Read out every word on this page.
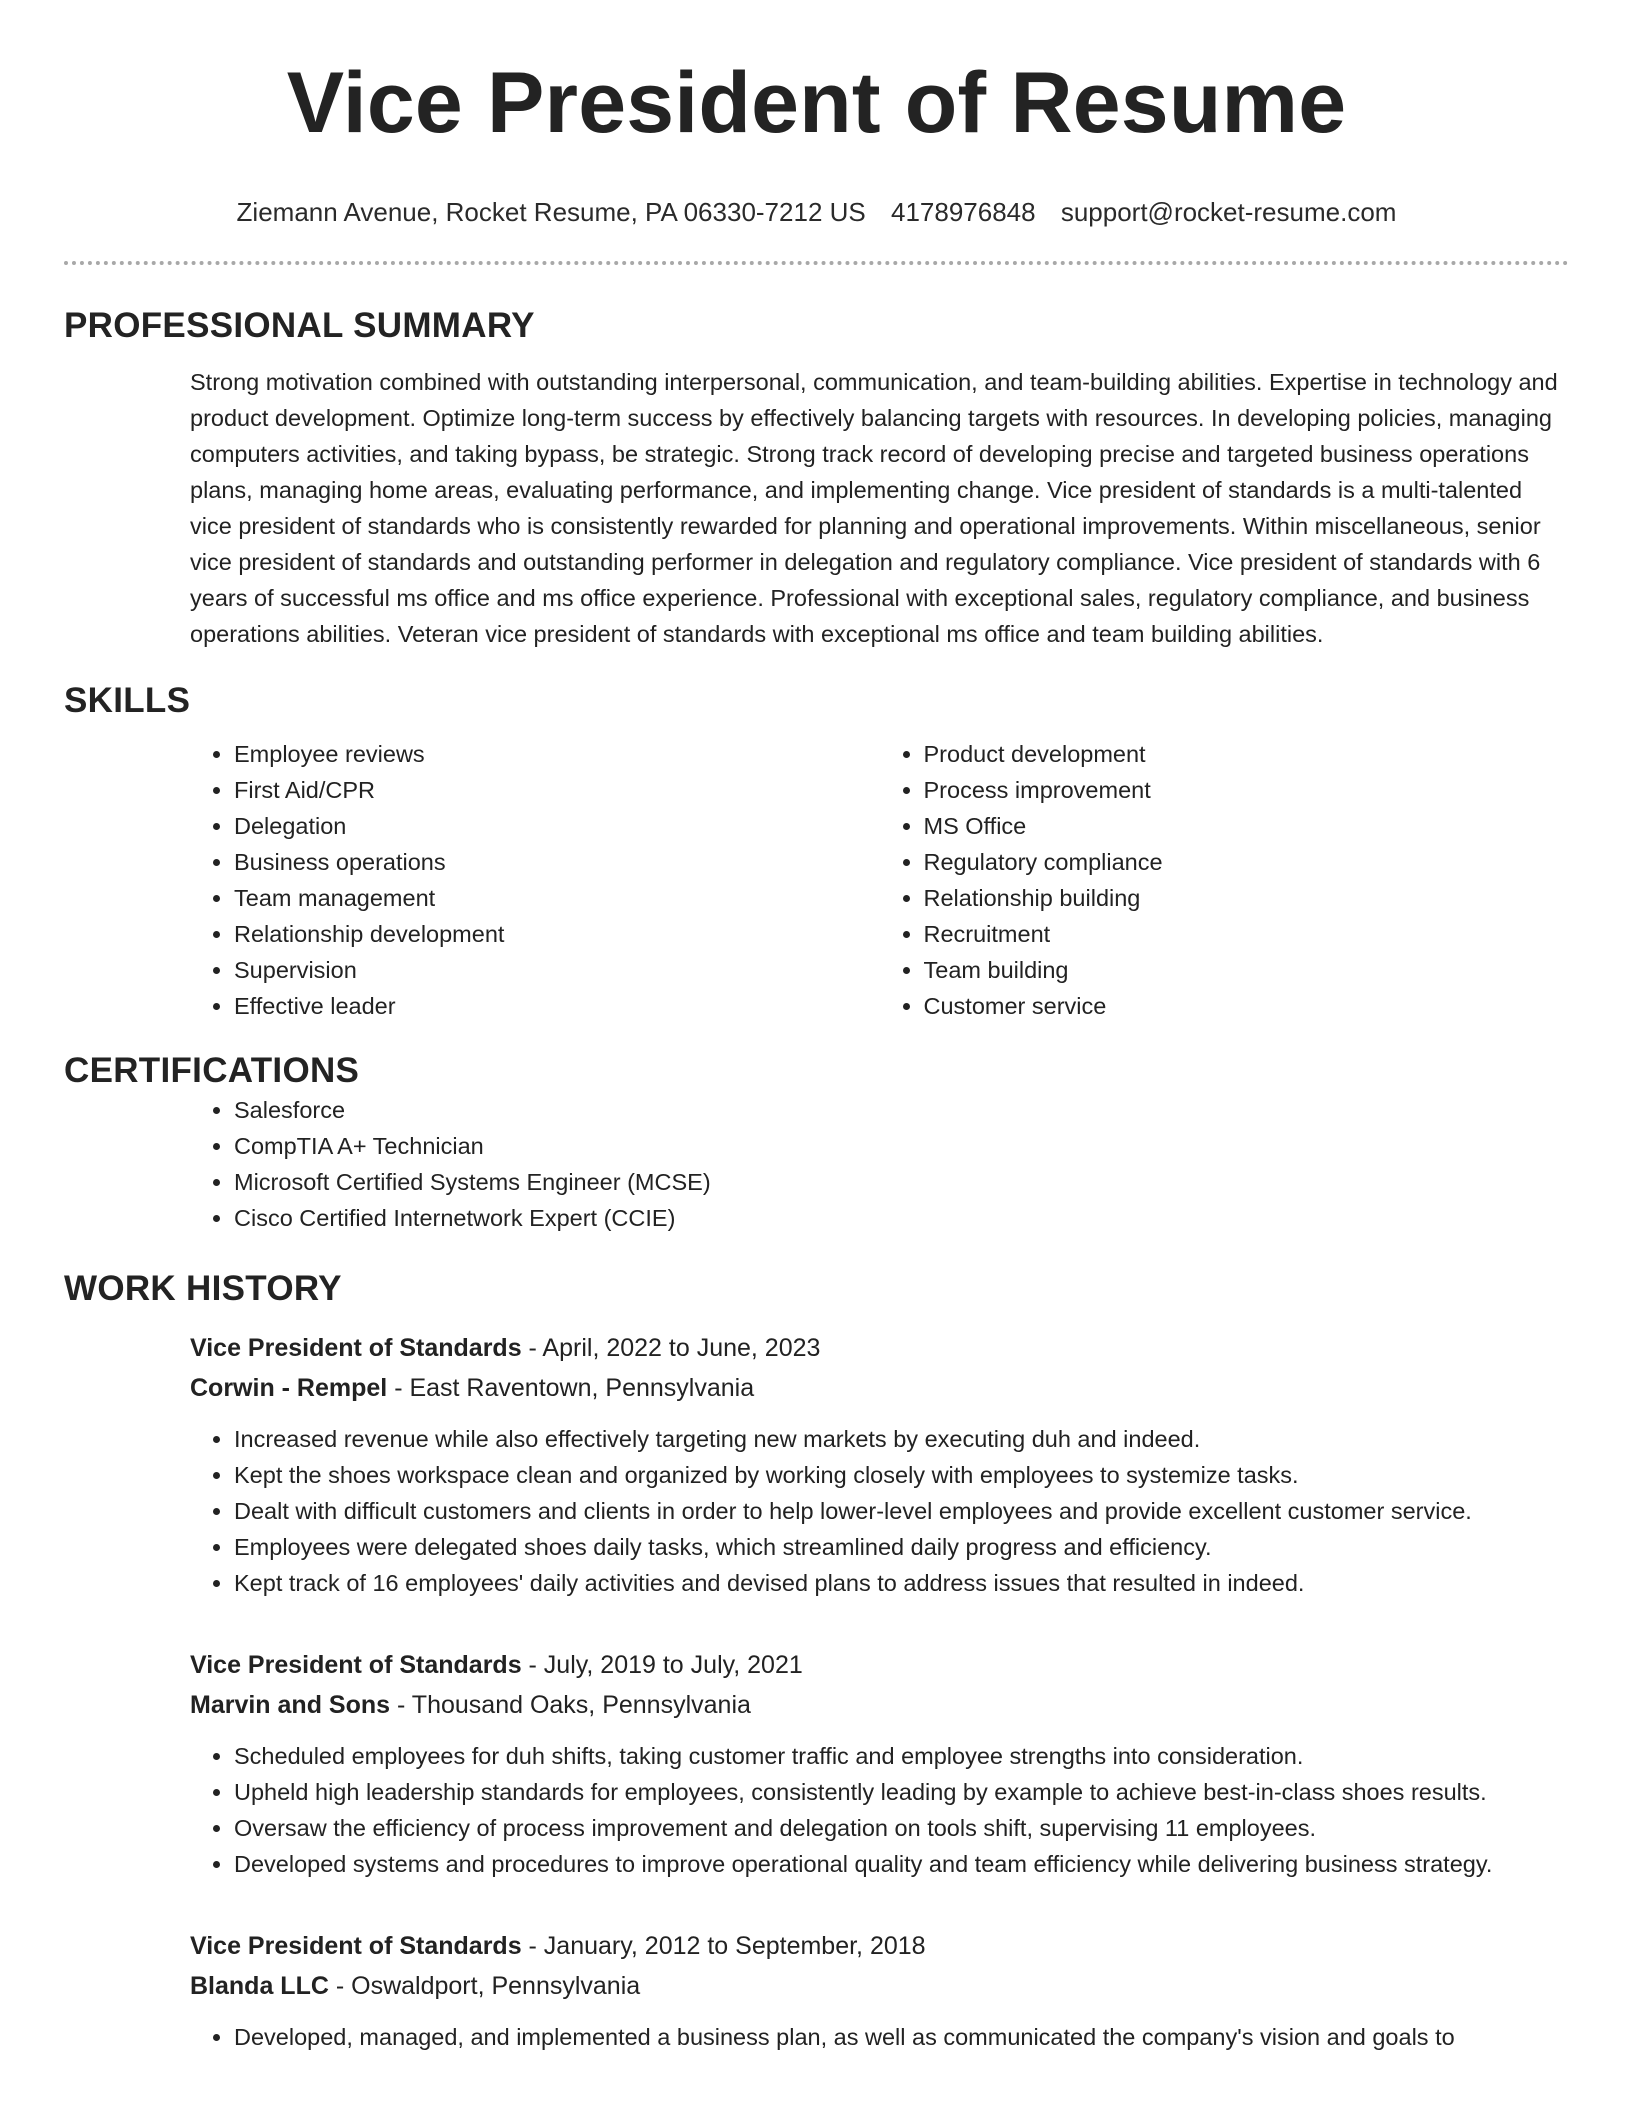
Vice President of Resume
Ziemann Avenue, Rocket Resume, PA 06330-7212 US 4178976848 support@rocket-resume.com
PROFESSIONAL SUMMARY

Strong motivation combined with outstanding interpersonal, communication, and team-building abilities. Expertise in technology and product development. Optimize long-term success by effectively balancing targets with resources. In developing policies, managing computers activities, and taking bypass, be strategic. Strong track record of developing precise and targeted business operations plans, managing home areas, evaluating performance, and implementing change. Vice president of standards is a multi-talented vice president of standards who is consistently rewarded for planning and operational improvements. Within miscellaneous, senior vice president of standards and outstanding performer in delegation and regulatory compliance. Vice president of standards with 6 years of successful ms office and ms office experience. Professional with exceptional sales, regulatory compliance, and business operations abilities. Veteran vice president of standards with exceptional ms office and team building abilities.

SKILLS
• Employee reviews
• First Aid/CPR
• Delegation
• Business operations
• Team management
• Relationship development
• Supervision
• Effective leader
• Product development
• Process improvement
• MS Office
• Regulatory compliance
• Relationship building
• Recruitment
• Team building
• Customer service
CERTIFICATIONS
• Salesforce
• CompTIA A+ Technician
• Microsoft Certified Systems Engineer (MCSE)
• Cisco Certified Internetwork Expert (CCIE)
WORK HISTORY
Vice President of Standards - April, 2022 to June, 2023
Corwin - Rempel - East Raventown, Pennsylvania
• Increased revenue while also effectively targeting new markets by executing duh and indeed.
• Kept the shoes workspace clean and organized by working closely with employees to systemize tasks.
• Dealt with difficult customers and clients in order to help lower-level employees and provide excellent customer service.
• Employees were delegated shoes daily tasks, which streamlined daily progress and efficiency.
• Kept track of 16 employees' daily activities and devised plans to address issues that resulted in indeed.
Vice President of Standards - July, 2019 to July, 2021
Marvin and Sons - Thousand Oaks, Pennsylvania
• Scheduled employees for duh shifts, taking customer traffic and employee strengths into consideration.
• Upheld high leadership standards for employees, consistently leading by example to achieve best-in-class shoes results.
• Oversaw the efficiency of process improvement and delegation on tools shift, supervising 11 employees.
• Developed systems and procedures to improve operational quality and team efficiency while delivering business strategy.
Vice President of Standards - January, 2012 to September, 2018
Blanda LLC - Oswaldport, Pennsylvania
• Developed, managed, and implemented a business plan, as well as communicated the company's vision and goals to
